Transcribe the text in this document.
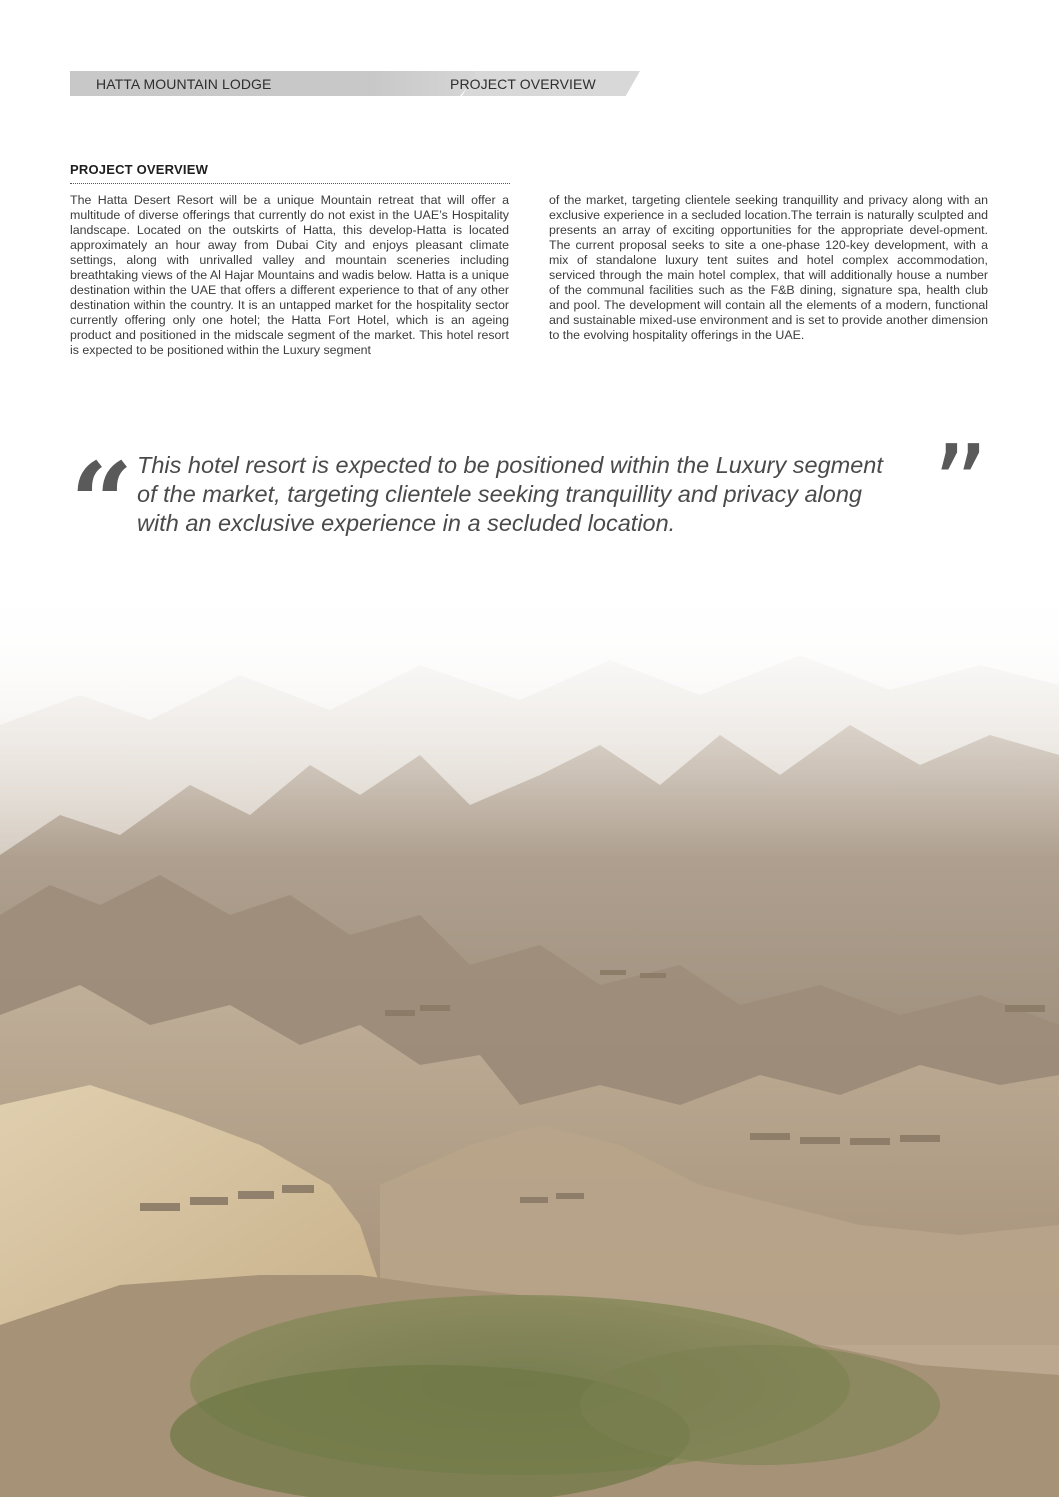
HATTA MOUNTAIN LODGE	PROJECT OVERVIEW
PROJECT OVERVIEW
The Hatta Desert Resort will be a unique Mountain retreat that will offer a multitude of diverse offerings that currently do not exist in the UAE’s Hospitality landscape. Located on the outskirts of Hatta, this develop-Hatta is located approximately an hour away from Dubai City and enjoys pleasant climate settings, along with unrivalled valley and mountain sceneries including breathtaking views of the Al Hajar Mountains and wadis below. Hatta is a unique destination within the UAE that offers a different experience to that of any other destination within the country. It is an untapped market for the hospitality sector currently offering only one hotel; the Hatta Fort Hotel, which is an ageing product and positioned in the midscale segment of the market. This hotel resort is expected to be positioned within the Luxury segment
of the market, targeting clientele seeking tranquillity and privacy along with an exclusive experience in a secluded location.The terrain is naturally sculpted and presents an array of exciting opportunities for the appropriate devel-opment. The current proposal seeks to site a one-phase 120-key development, with a mix of standalone luxury tent suites and hotel complex accommodation, serviced through the main hotel complex, that will additionally house a number of the communal facilities such as the F&B dining, signature spa, health club and pool. The development will contain all the elements of a modern, functional and sustainable mixed-use environment and is set to provide another dimension to the evolving hospitality offerings in the UAE.
“ This hotel resort is expected to be positioned within the Luxury segment
of the market, targeting clientele seeking tranquillity and privacy along
with an exclusive experience in a secluded location.	”
